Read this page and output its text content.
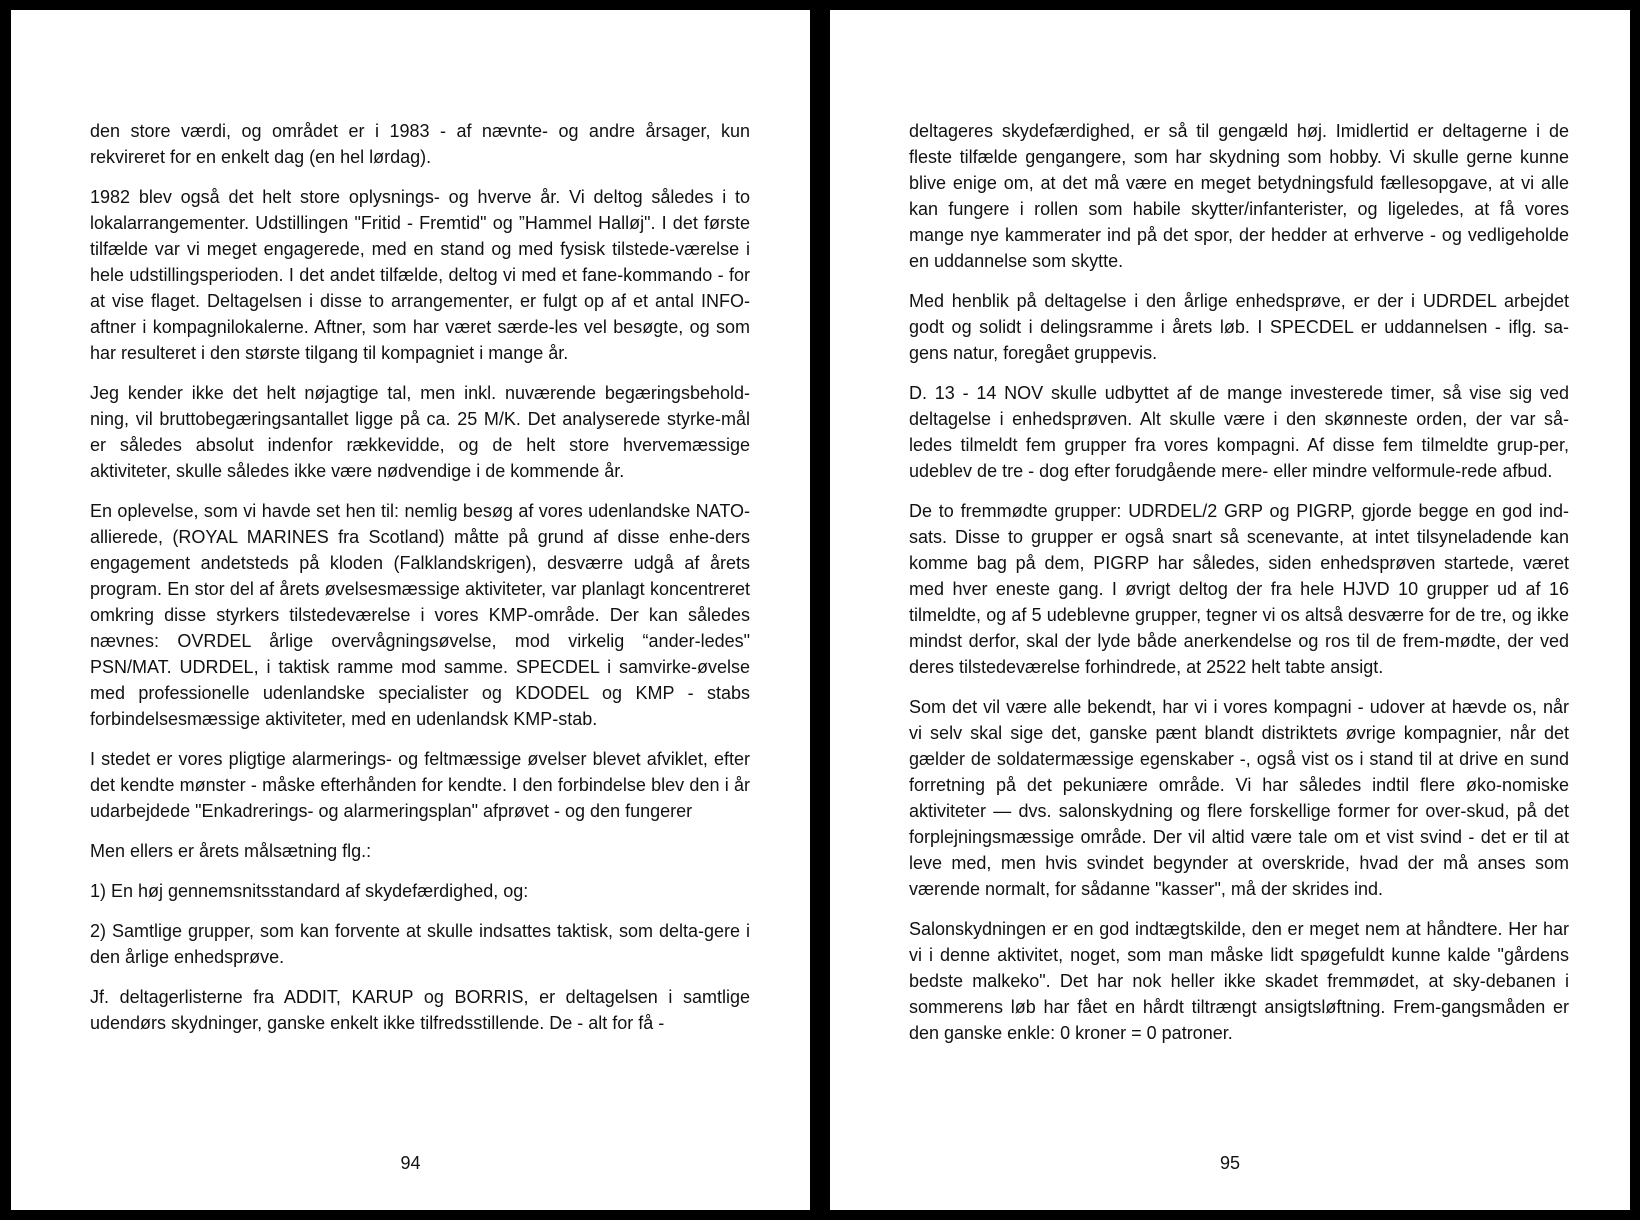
den store værdi, og området er i 1983 - af nævnte- og andre årsager, kun rekvireret for en enkelt dag (en hel lørdag).

1982 blev også det helt store oplysnings- og hverve år. Vi deltog således i to lokalarrangementer. Udstillingen "Fritid - Fremtid" og ”Hammel Halløj". I det første tilfælde var vi meget engagerede, med en stand og med fysisk tilstede-værelse i hele udstillingsperioden. I det andet tilfælde, deltog vi med et fane-kommando - for at vise flaget. Deltagelsen i disse to arrangementer, er fulgt op af et antal INFO-aftner i kompagnilokalerne. Aftner, som har været særde-les vel besøgte, og som har resulteret i den største tilgang til kompagniet i mange år.

Jeg kender ikke det helt nøjagtige tal, men inkl. nuværende begæringsbehold-ning, vil bruttobegæringsantallet ligge på ca. 25 M/K. Det analyserede styrke-mål er således absolut indenfor rækkevidde, og de helt store hvervemæssige aktiviteter, skulle således ikke være nødvendige i de kommende år.

En oplevelse, som vi havde set hen til: nemlig besøg af vores udenlandske NATO-allierede, (ROYAL MARINES fra Scotland) måtte på grund af disse enhe-ders engagement andetsteds på kloden (Falklandskrigen), desværre udgå af årets program. En stor del af årets øvelsesmæssige aktiviteter, var planlagt koncentreret omkring disse styrkers tilstedeværelse i vores KMP-område. Der kan således nævnes: OVRDEL årlige overvågningsøvelse, mod virkelig “ander-ledes" PSN/MAT. UDRDEL, i taktisk ramme mod samme. SPECDEL i samvirke-øvelse med professionelle udenlandske specialister og KDODEL og KMP - stabs forbindelsesmæssige aktiviteter, med en udenlandsk KMP-stab.

I stedet er vores pligtige alarmerings- og feltmæssige øvelser blevet afviklet, efter det kendte mønster - måske efterhånden for kendte. I den forbindelse blev den i år udarbejdede "Enkadrerings- og alarmeringsplan" afprøvet - og den fungerer

Men ellers er årets målsætning flg.:

1) En høj gennemsnitsstandard af skydefærdighed, og:

2) Samtlige grupper, som kan forvente at skulle indsattes taktisk, som delta-gere i den årlige enhedsprøve.

Jf. deltagerlisterne fra ADDIT, KARUP og BORRIS, er deltagelsen i samtlige udendørs skydninger, ganske enkelt ikke tilfredsstillende. De - alt for få -

94

deltageres skydefærdighed, er så til gengæld høj. Imidlertid er deltagerne i de fleste tilfælde gengangere, som har skydning som hobby. Vi skulle gerne kunne blive enige om, at det må være en meget betydningsfuld fællesopgave, at vi alle kan fungere i rollen som habile skytter/infanterister, og ligeledes, at få vores mange nye kammerater ind på det spor, der hedder at erhverve - og vedligeholde en uddannelse som skytte.

Med henblik på deltagelse i den årlige enhedsprøve, er der i UDRDEL arbejdet godt og solidt i delingsramme i årets løb. I SPECDEL er uddannelsen - iflg. sa-gens natur, foregået gruppevis.

D. 13 - 14 NOV skulle udbyttet af de mange investerede timer, så vise sig ved deltagelse i enhedsprøven. Alt skulle være i den skønneste orden, der var så-ledes tilmeldt fem grupper fra vores kompagni. Af disse fem tilmeldte grup-per, udeblev de tre - dog efter forudgående mere- eller mindre velformule-rede afbud.

De to fremmødte grupper: UDRDEL/2 GRP og PIGRP, gjorde begge en god ind-sats. Disse to grupper er også snart så scenevante, at intet tilsyneladende kan komme bag på dem, PIGRP har således, siden enhedsprøven startede, været med hver eneste gang. I øvrigt deltog der fra hele HJVD 10 grupper ud af 16 tilmeldte, og af 5 udeblevne grupper, tegner vi os altså desværre for de tre, og ikke mindst derfor, skal der lyde både anerkendelse og ros til de frem-mødte, der ved deres tilstedeværelse forhindrede, at 2522 helt tabte ansigt.

Som det vil være alle bekendt, har vi i vores kompagni - udover at hævde os, når vi selv skal sige det, ganske pænt blandt distriktets øvrige kompagnier, når det gælder de soldatermæssige egenskaber -, også vist os i stand til at drive en sund forretning på det pekuniære område. Vi har således indtil flere øko-nomiske aktiviteter — dvs. salonskydning og flere forskellige former for over-skud, på det forplejningsmæssige område. Der vil altid være tale om et vist svind - det er til at leve med, men hvis svindet begynder at overskride, hvad der må anses som værende normalt, for sådanne "kasser", må der skrides ind.

Salonskydningen er en god indtægtskilde, den er meget nem at håndtere. Her har vi i denne aktivitet, noget, som man måske lidt spøgefuldt kunne kalde "gårdens bedste malkeko". Det har nok heller ikke skadet fremmødet, at sky-debanen i sommerens løb har fået en hårdt tiltrængt ansigtsløftning. Frem-gangsmåden er den ganske enkle: 0 kroner = 0 patroner.

95
